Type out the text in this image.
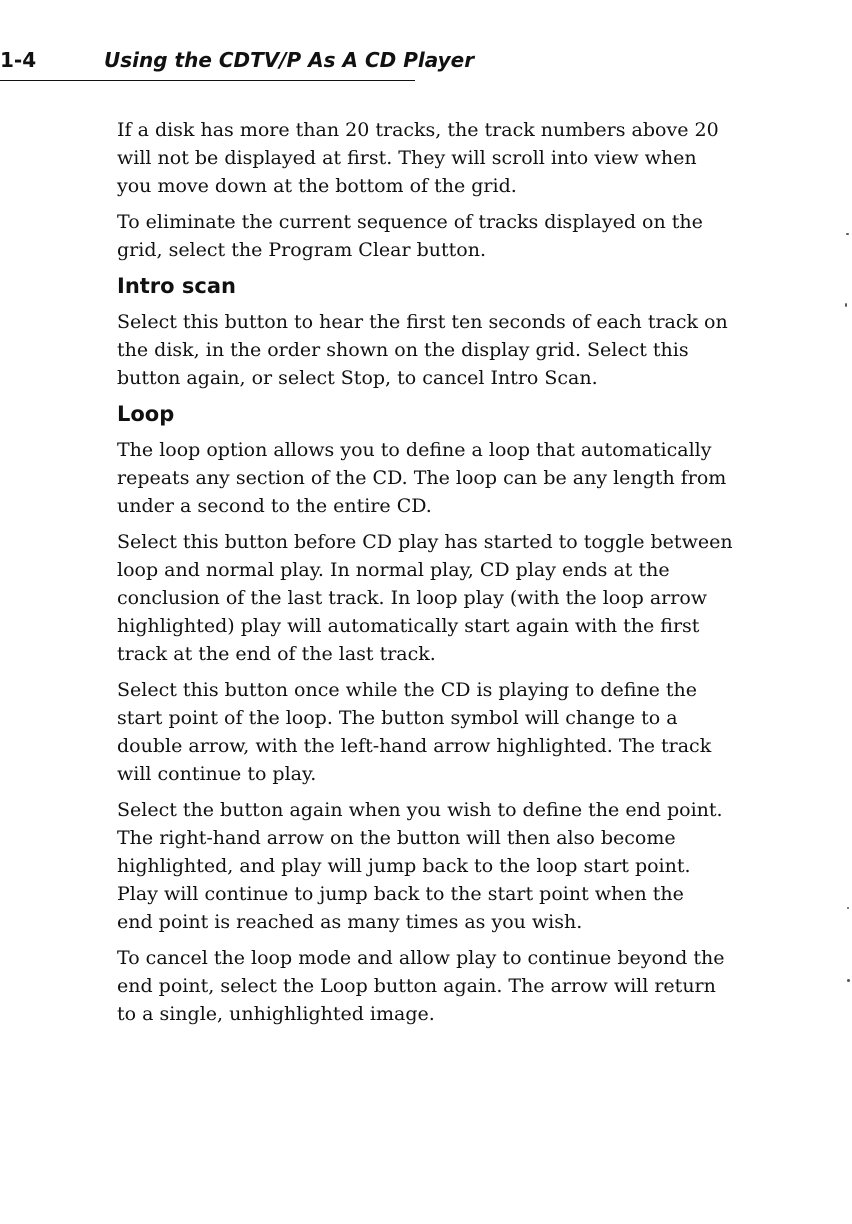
1-4	Using the CDTV/P As A CD Player

If a disk has more than 20 tracks, the track numbers above 20
will not be displayed at first. They will scroll into view when
you move down at the bottom of the grid.

To eliminate the current sequence of tracks displayed on the
grid, select the Program Clear button.

Intro scan

Select this button to hear the first ten seconds of each track on
the disk, in the order shown on the display grid. Select this
button again, or select Stop, to cancel Intro Scan.

Loop

The loop option allows you to define a loop that automatically
repeats any section of the CD. The loop can be any length from
under a second to the entire CD.

Select this button before CD play has started to toggle between
loop and normal play. In normal play, CD play ends at the
conclusion of the last track. In loop play (with the loop arrow
highlighted) play will automatically start again with the first
track at the end of the last track.

Select this button once while the CD is playing to define the
start point of the loop. The button symbol will change to a
double arrow, with the left-hand arrow highlighted. The track
will continue to play.

Select the button again when you wish to define the end point.
The right-hand arrow on the button will then also become
highlighted, and play will jump back to the loop start point.
Play will continue to jump back to the start point when the
end point is reached as many times as you wish.

To cancel the loop mode and allow play to continue beyond the
end point, select the Loop button again. The arrow will return
to a single, unhighlighted image.
